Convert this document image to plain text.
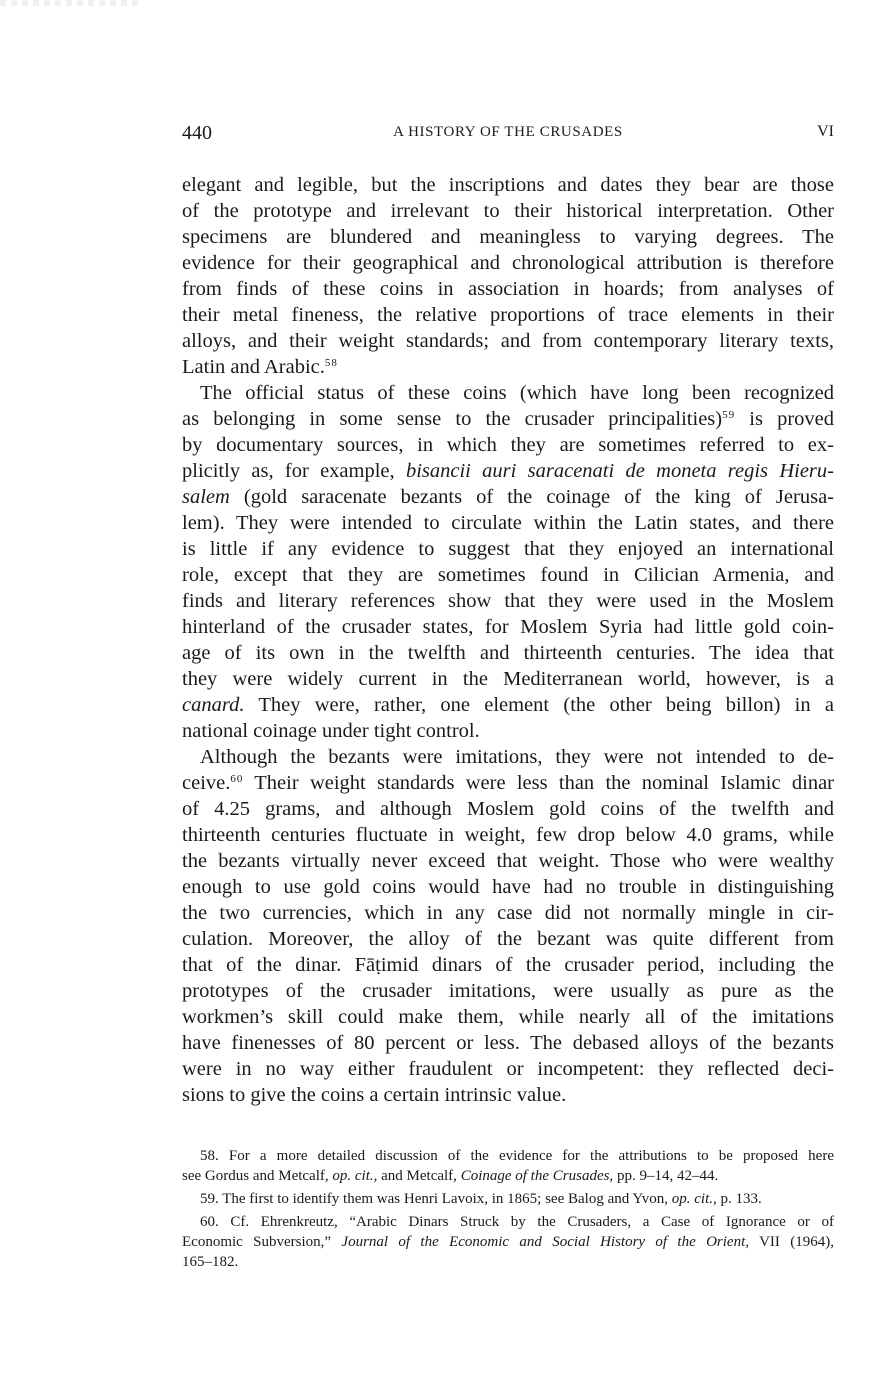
440	A HISTORY OF THE CRUSADES	VI
elegant and legible, but the inscriptions and dates they bear are those
of the prototype and irrelevant to their historical interpretation. Other
specimens are blundered and meaningless to varying degrees. The
evidence for their geographical and chronological attribution is therefore
from finds of these coins in association in hoards; from analyses of
their metal fineness, the relative proportions of trace elements in their
alloys, and their weight standards; and from contemporary literary texts,
Latin and Arabic.$^{58}$
The official status of these coins (which have long been recognized
as belonging in some sense to the crusader principalities)$^{59}$ is proved
by documentary sources, in which they are sometimes referred to ex-
plicitly as, for example, bisancii auri saracenati de moneta regis Hieru-
salem (gold saracenate bezants of the coinage of the king of Jerusa-
lem). They were intended to circulate within the Latin states, and there
is little if any evidence to suggest that they enjoyed an international
role, except that they are sometimes found in Cilician Armenia, and
finds and literary references show that they were used in the Moslem
hinterland of the crusader states, for Moslem Syria had little gold coin-
age of its own in the twelfth and thirteenth centuries. The idea that
they were widely current in the Mediterranean world, however, is a
canard. They were, rather, one element (the other being billon) in a
national coinage under tight control.
Although the bezants were imitations, they were not intended to de-
ceive.$^{60}$ Their weight standards were less than the nominal Islamic dinar
of 4.25 grams, and although Moslem gold coins of the twelfth and
thirteenth centuries fluctuate in weight, few drop below 4.0 grams, while
the bezants virtually never exceed that weight. Those who were wealthy
enough to use gold coins would have had no trouble in distinguishing
the two currencies, which in any case did not normally mingle in cir-
culation. Moreover, the alloy of the bezant was quite different from
that of the dinar. Fāṭimid dinars of the crusader period, including the
prototypes of the crusader imitations, were usually as pure as the
workmen’s skill could make them, while nearly all of the imitations
have finenesses of 80 percent or less. The debased alloys of the bezants
were in no way either fraudulent or incompetent: they reflected deci-
sions to give the coins a certain intrinsic value.
58. For a more detailed discussion of the evidence for the attributions to be proposed here
see Gordus and Metcalf, op. cit., and Metcalf, Coinage of the Crusades, pp. 9–14, 42–44.
59. The first to identify them was Henri Lavoix, in 1865; see Balog and Yvon, op. cit., p. 133.
60. Cf. Ehrenkreutz, “Arabic Dinars Struck by the Crusaders, a Case of Ignorance or of
Economic Subversion,” Journal of the Economic and Social History of the Orient, VII (1964),
165–182.
